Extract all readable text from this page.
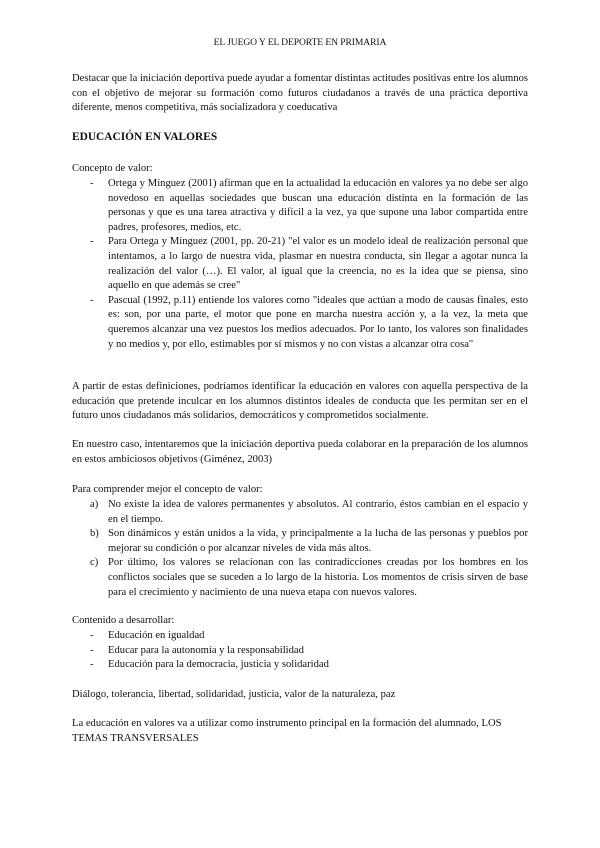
EL JUEGO Y EL DEPORTE EN PRIMARIA

Destacar que la iniciación deportiva puede ayudar a fomentar distintas actitudes positivas entre los alumnos con el objetivo de mejorar su formación como futuros ciudadanos a través de una práctica deportiva diferente, menos competitiva, más socializadora y coeducativa

EDUCACIÓN EN VALORES

Concepto de valor:

- Ortega y Mínguez (2001) afirman que en la actualidad la educación en valores ya no debe ser algo novedoso en aquellas sociedades que buscan una educación distinta en la formación de las personas y que es una tarea atractiva y difícil a la vez, ya que supone una labor compartida entre padres, profesores, medios, etc.
- Para Ortega y Mínguez (2001, pp. 20-21) "el valor es un modelo ideal de realización personal que intentamos, a lo largo de nuestra vida, plasmar en nuestra conducta, sin llegar a agotar nunca la realización del valor (…). El valor, al igual que la creencia, no es la idea que se piensa, sino aquello en que además se cree"
- Pascual (1992, p.11) entiende los valores como "ideales que actúan a modo de causas finales, esto es: son, por una parte, el motor que pone en marcha nuestra acción y, a la vez, la meta que queremos alcanzar una vez puestos los medios adecuados. Por lo tanto, los valores son finalidades y no medios y, por ello, estimables por sí mismos y no con vistas a alcanzar otra cosa"

A partir de estas definiciones, podríamos identificar la educación en valores con aquella perspectiva de la educación que pretende inculcar en los alumnos distintos ideales de conducta que les permitan ser en el futuro unos ciudadanos más solidarios, democráticos y comprometidos socialmente.

En nuestro caso, intentaremos que la iniciación deportiva pueda colaborar en la preparación de los alumnos en estos ambiciosos objetivos (Giménez, 2003)

Para comprender mejor el concepto de valor:

a) No existe la idea de valores permanentes y absolutos. Al contrario, éstos cambian en el espacio y en el tiempo.
b) Son dinámicos y están unidos a la vida, y principalmente a la lucha de las personas y pueblos por mejorar su condición o por alcanzar niveles de vida más altos.
c) Por último, los valores se relacionan con las contradicciones creadas por los hombres en los conflictos sociales que se suceden a lo largo de la historia. Los momentos de crisis sirven de base para el crecimiento y nacimiento de una nueva etapa con nuevos valores.

Contenido a desarrollar:

- Educación en igualdad
- Educar para la autonomía y la responsabilidad
- Educación para la democracia, justicia y solidaridad

Diálogo, tolerancia, libertad, solidaridad, justicia, valor de la naturaleza, paz

La educación en valores va a utilizar como instrumento principal en la formación del alumnado, LOS TEMAS TRANSVERSALES
